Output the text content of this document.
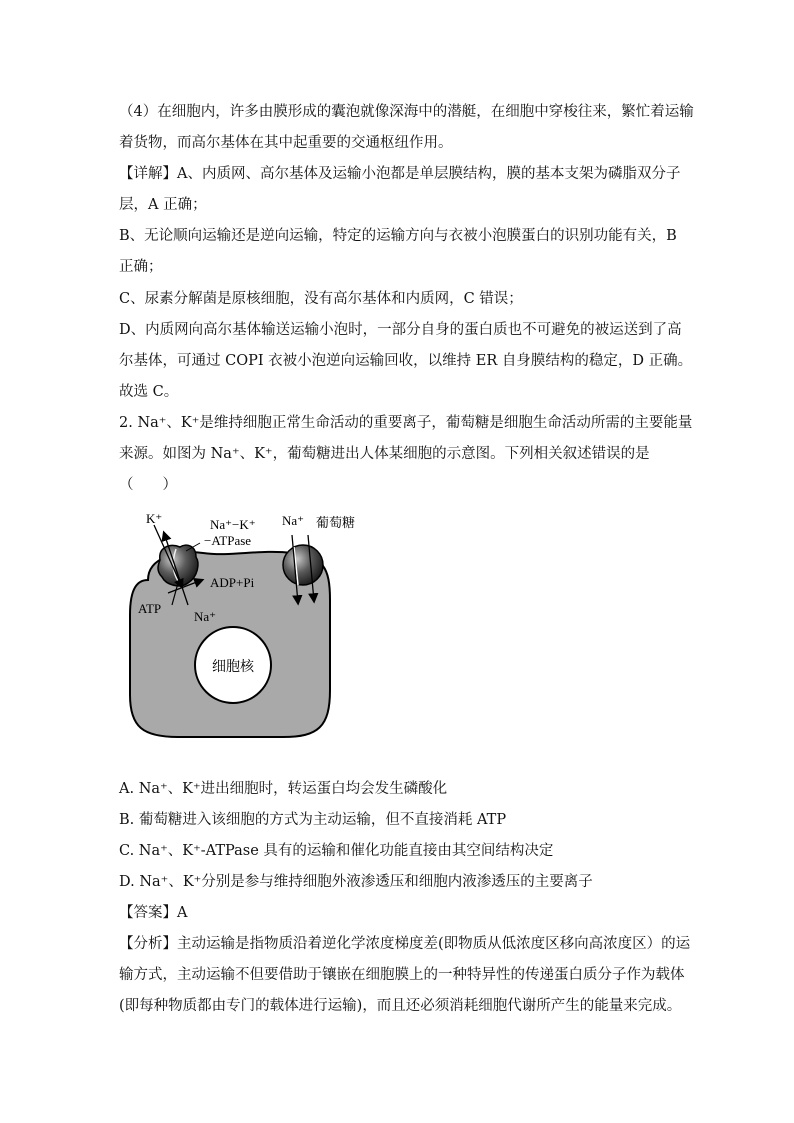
（4）在细胞内，许多由膜形成的囊泡就像深海中的潜艇，在细胞中穿梭往来，繁忙着运输
着货物，而高尔基体在其中起重要的交通枢纽作用。
【详解】A、内质网、高尔基体及运输小泡都是单层膜结构，膜的基本支架为磷脂双分子
层，A 正确；
B、无论顺向运输还是逆向运输，特定的运输方向与衣被小泡膜蛋白的识别功能有关，B
正确；
C、尿素分解菌是原核细胞，没有高尔基体和内质网，C 错误；
D、内质网向高尔基体输送运输小泡时，一部分自身的蛋白质也不可避免的被运送到了高
尔基体，可通过 COPI 衣被小泡逆向运输回收，以维持 ER 自身膜结构的稳定，D 正确。
故选 C。
2. Na⁺、K⁺是维持细胞正常生命活动的重要离子，葡萄糖是细胞生命活动所需的主要能量
来源。如图为 Na⁺、K⁺，葡萄糖进出人体某细胞的示意图。下列相关叙述错误的是
（　　）
细胞核
K⁺	Na⁺−K⁺
−ATPase
ADP+Pi
ATP
Na⁺
Na⁺ 葡萄糖
A. Na⁺、K⁺进出细胞时，转运蛋白均会发生磷酸化
B. 葡萄糖进入该细胞的方式为主动运输，但不直接消耗 ATP
C. Na⁺、K⁺-ATPase 具有的运输和催化功能直接由其空间结构决定
D. Na⁺、K⁺分别是参与维持细胞外液渗透压和细胞内液渗透压的主要离子
【答案】A
【分析】主动运输是指物质沿着逆化学浓度梯度差(即物质从低浓度区移向高浓度区）的运
输方式，主动运输不但要借助于镶嵌在细胞膜上的一种特异性的传递蛋白质分子作为载体
(即每种物质都由专门的载体进行运输)，而且还必须消耗细胞代谢所产生的能量来完成。
